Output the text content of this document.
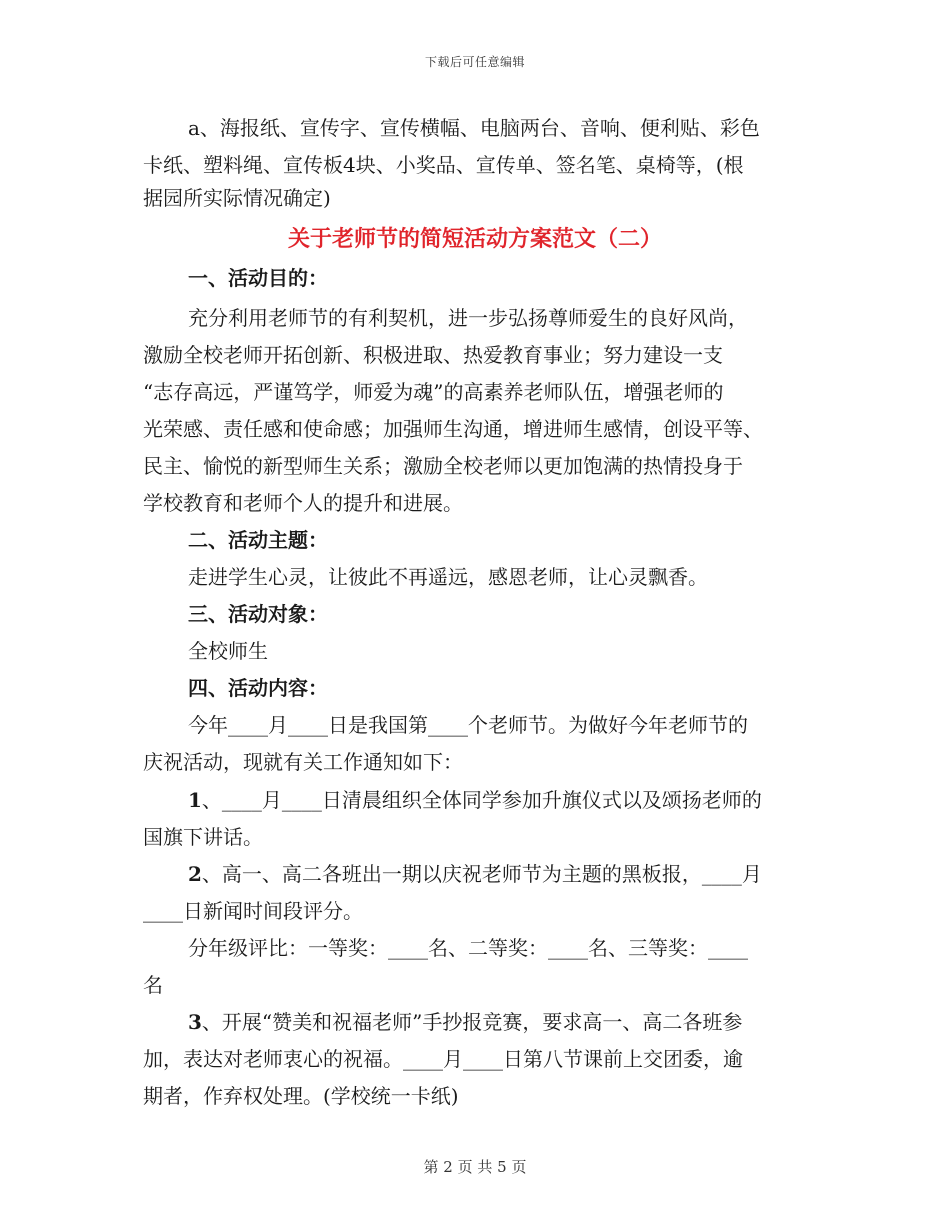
下载后可任意编辑
a、海报纸、宣传字、宣传横幅、电脑两台、音响、便利贴、彩色
卡纸、塑料绳、宣传板4块、小奖品、宣传单、签名笔、桌椅等，(根
据园所实际情况确定)
关于老师节的简短活动方案范文（二）
一、活动目的：
充分利用老师节的有利契机，进一步弘扬尊师爱生的良好风尚，
激励全校老师开拓创新、积极进取、热爱教育事业；努力建设一支
“志存高远，严谨笃学，师爱为魂”的高素养老师队伍，增强老师的
光荣感、责任感和使命感；加强师生沟通，增进师生感情，创设平等、
民主、愉悦的新型师生关系；激励全校老师以更加饱满的热情投身于
学校教育和老师个人的提升和进展。
二、活动主题：
走进学生心灵，让彼此不再遥远，感恩老师，让心灵飘香。
三、活动对象：
全校师生
四、活动内容：
今年____月____日是我国第____个老师节。为做好今年老师节的
庆祝活动，现就有关工作通知如下：
1、____月____日清晨组织全体同学参加升旗仪式以及颂扬老师的
国旗下讲话。
2、高一、高二各班出一期以庆祝老师节为主题的黑板报，____月
____日新闻时间段评分。
分年级评比：一等奖：____名、二等奖：____名、三等奖：____
名
3、开展“赞美和祝福老师”手抄报竞赛，要求高一、高二各班参
加，表达对老师衷心的祝福。____月____日第八节课前上交团委，逾
期者，作弃权处理。(学校统一卡纸)
第 2 页 共 5 页
